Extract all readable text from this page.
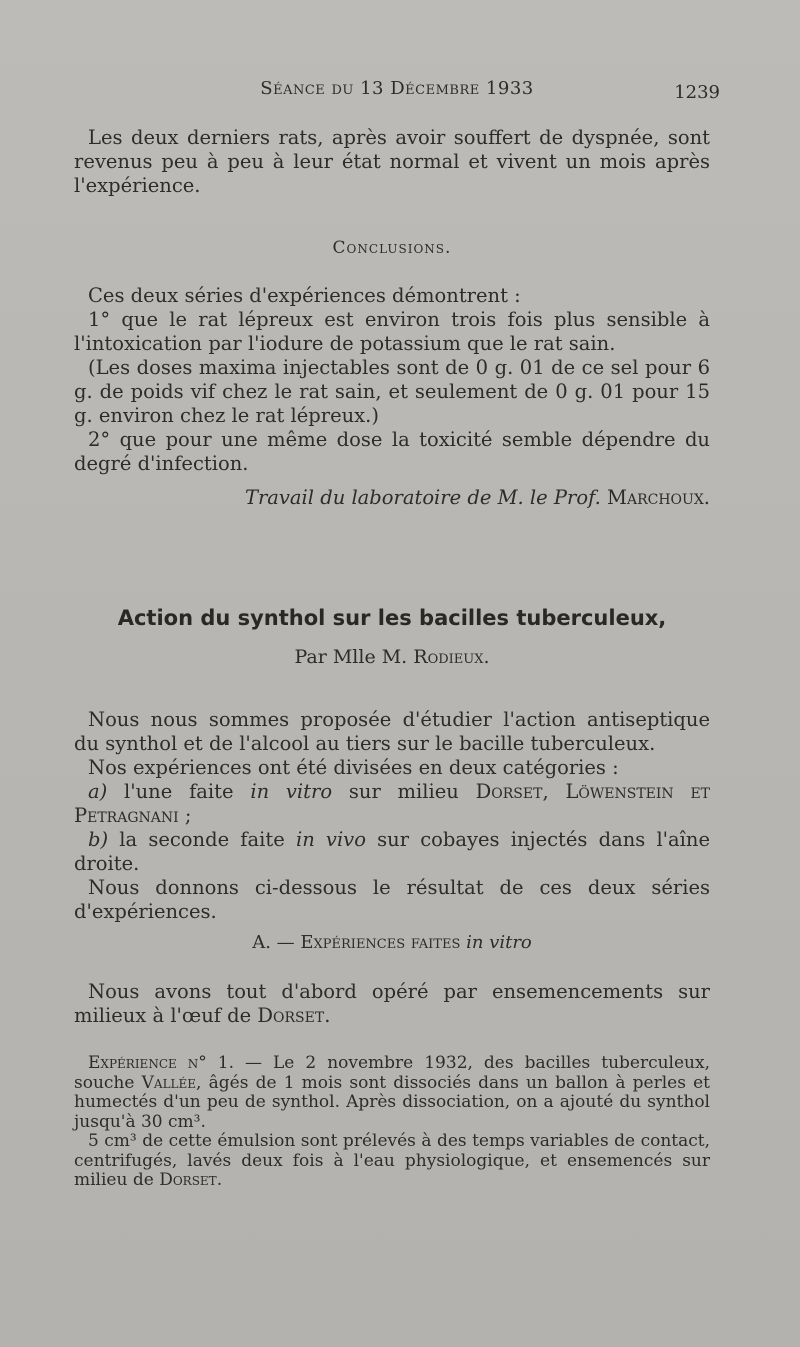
Séance du 13 Décembre 1933	1239

Les deux derniers rats, après avoir souffert de dyspnée, sont revenus peu à peu à leur état normal et vivent un mois après l'expérience.

Conclusions.

Ces deux séries d'expériences démontrent :

1° que le rat lépreux est environ trois fois plus sensible à l'intoxication par l'iodure de potassium que le rat sain.

(Les doses maxima injectables sont de 0 g. 01 de ce sel pour 6 g. de poids vif chez le rat sain, et seulement de 0 g. 01 pour 15 g. environ chez le rat lépreux.)

2° que pour une même dose la toxicité semble dépendre du degré d'infection.

Travail du laboratoire de M. le Prof. Marchoux.
Action du synthol sur les bacilles tuberculeux,
Par Mlle M. Rodieux.

Nous nous sommes proposée d'étudier l'action antiseptique du synthol et de l'alcool au tiers sur le bacille tuberculeux.

Nos expériences ont été divisées en deux catégories :

a) l'une faite in vitro sur milieu Dorset, Löwenstein et Petragnani ;

b) la seconde faite in vivo sur cobayes injectés dans l'aîne droite.

Nous donnons ci-dessous le résultat de ces deux séries d'expériences.

A. — Expériences faites in vitro

Nous avons tout d'abord opéré par ensemencements sur milieux à l'œuf de Dorset.

Expérience n° 1. — Le 2 novembre 1932, des bacilles tuberculeux, souche Vallée, âgés de 1 mois sont dissociés dans un ballon à perles et humectés d'un peu de synthol. Après dissociation, on a ajouté du synthol jusqu'à 30 cm³.

5 cm³ de cette émulsion sont prélevés à des temps variables de contact, centrifugés, lavés deux fois à l'eau physiologique, et ensemencés sur milieu de Dorset.
